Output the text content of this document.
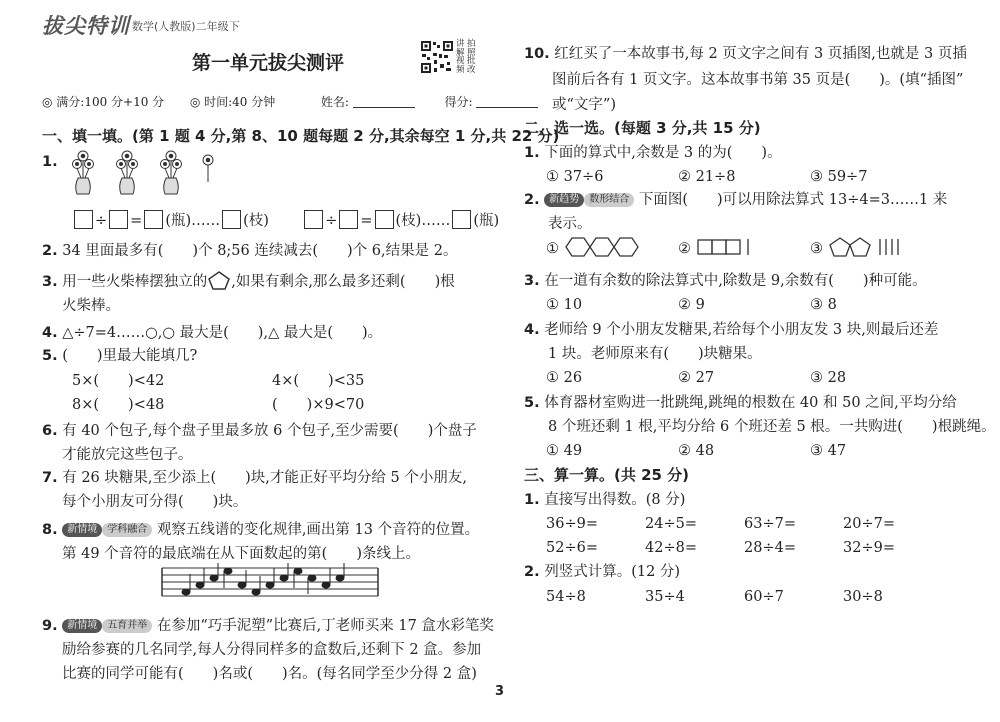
拔尖特训 数学(人教版)二年级下
第一单元拔尖测评
讲 拍
解 照
视 批
频 改
◎ 满分:100 分+10 分 ◎ 时间:40 分钟	姓名:	得分:
一、填一填。(第 1 题 4 分,第 8、10 题每题 2 分,其余每空 1 分,共 22 分)
1.
÷ = (瓶)…… (枝)	÷ = (枝)…… (瓶)
2. 34 里面最多有(　　)个 8;56 连续减去(　　)个 6,结果是 2。
3. 用一些火柴棒摆独立的 ,如果有剩余,那么最多还剩(　　)根
火柴棒。
4. △÷7=4……○,○ 最大是(　　),△ 最大是(　　)。
5. (　　)里最大能填几?
5×(　　)<42	4×(　　)<35
8×(　　)<48	(　　)×9<70
6. 有 40 个包子,每个盘子里最多放 6 个包子,至少需要(　　)个盘子
才能放完这些包子。
7. 有 26 块糖果,至少添上(　　)块,才能正好平均分给 5 个小朋友,
每个小朋友可分得(　　)块。
8. 新情境 学科融合 观察五线谱的变化规律,画出第 13 个音符的位置。
第 49 个音符的最底端在从下面数起的第(　　)条线上。
9. 新情境 五育并举 在参加“巧手泥塑”比赛后,丁老师买来 17 盒水彩笔奖
励给参赛的几名同学,每人分得同样多的盒数后,还剩下 2 盒。参加
比赛的同学可能有(　　)名或(　　)名。(每名同学至少分得 2 盒)
10. 红红买了一本故事书,每 2 页文字之间有 3 页插图,也就是 3 页插
图前后各有 1 页文字。这本故事书第 35 页是(　　)。(填“插图”
或“文字”)
二、选一选。(每题 3 分,共 15 分)
1. 下面的算式中,余数是 3 的为(　　)。
① 37÷6	② 21÷8	③ 59÷7
2. 新趋势 数形结合 下面图(　　)可以用除法算式 13÷4=3……1 来
表示。
①	②	③
3. 在一道有余数的除法算式中,除数是 9,余数有(　　)种可能。
① 10	② 9	③ 8
4. 老师给 9 个小朋友发糖果,若给每个小朋友发 3 块,则最后还差
1 块。老师原来有(　　)块糖果。
① 26	② 27	③ 28
5. 体育器材室购进一批跳绳,跳绳的根数在 40 和 50 之间,平均分给
8 个班还剩 1 根,平均分给 6 个班还差 5 根。一共购进(　　)根跳绳。
① 49	② 48	③ 47
三、算一算。(共 25 分)
1. 直接写出得数。(8 分)
36÷9=	24÷5=	63÷7=	20÷7=
52÷6=	42÷8=	28÷4=	32÷9=
2. 列竖式计算。(12 分)
54÷8	35÷4	60÷7	30÷8
3
